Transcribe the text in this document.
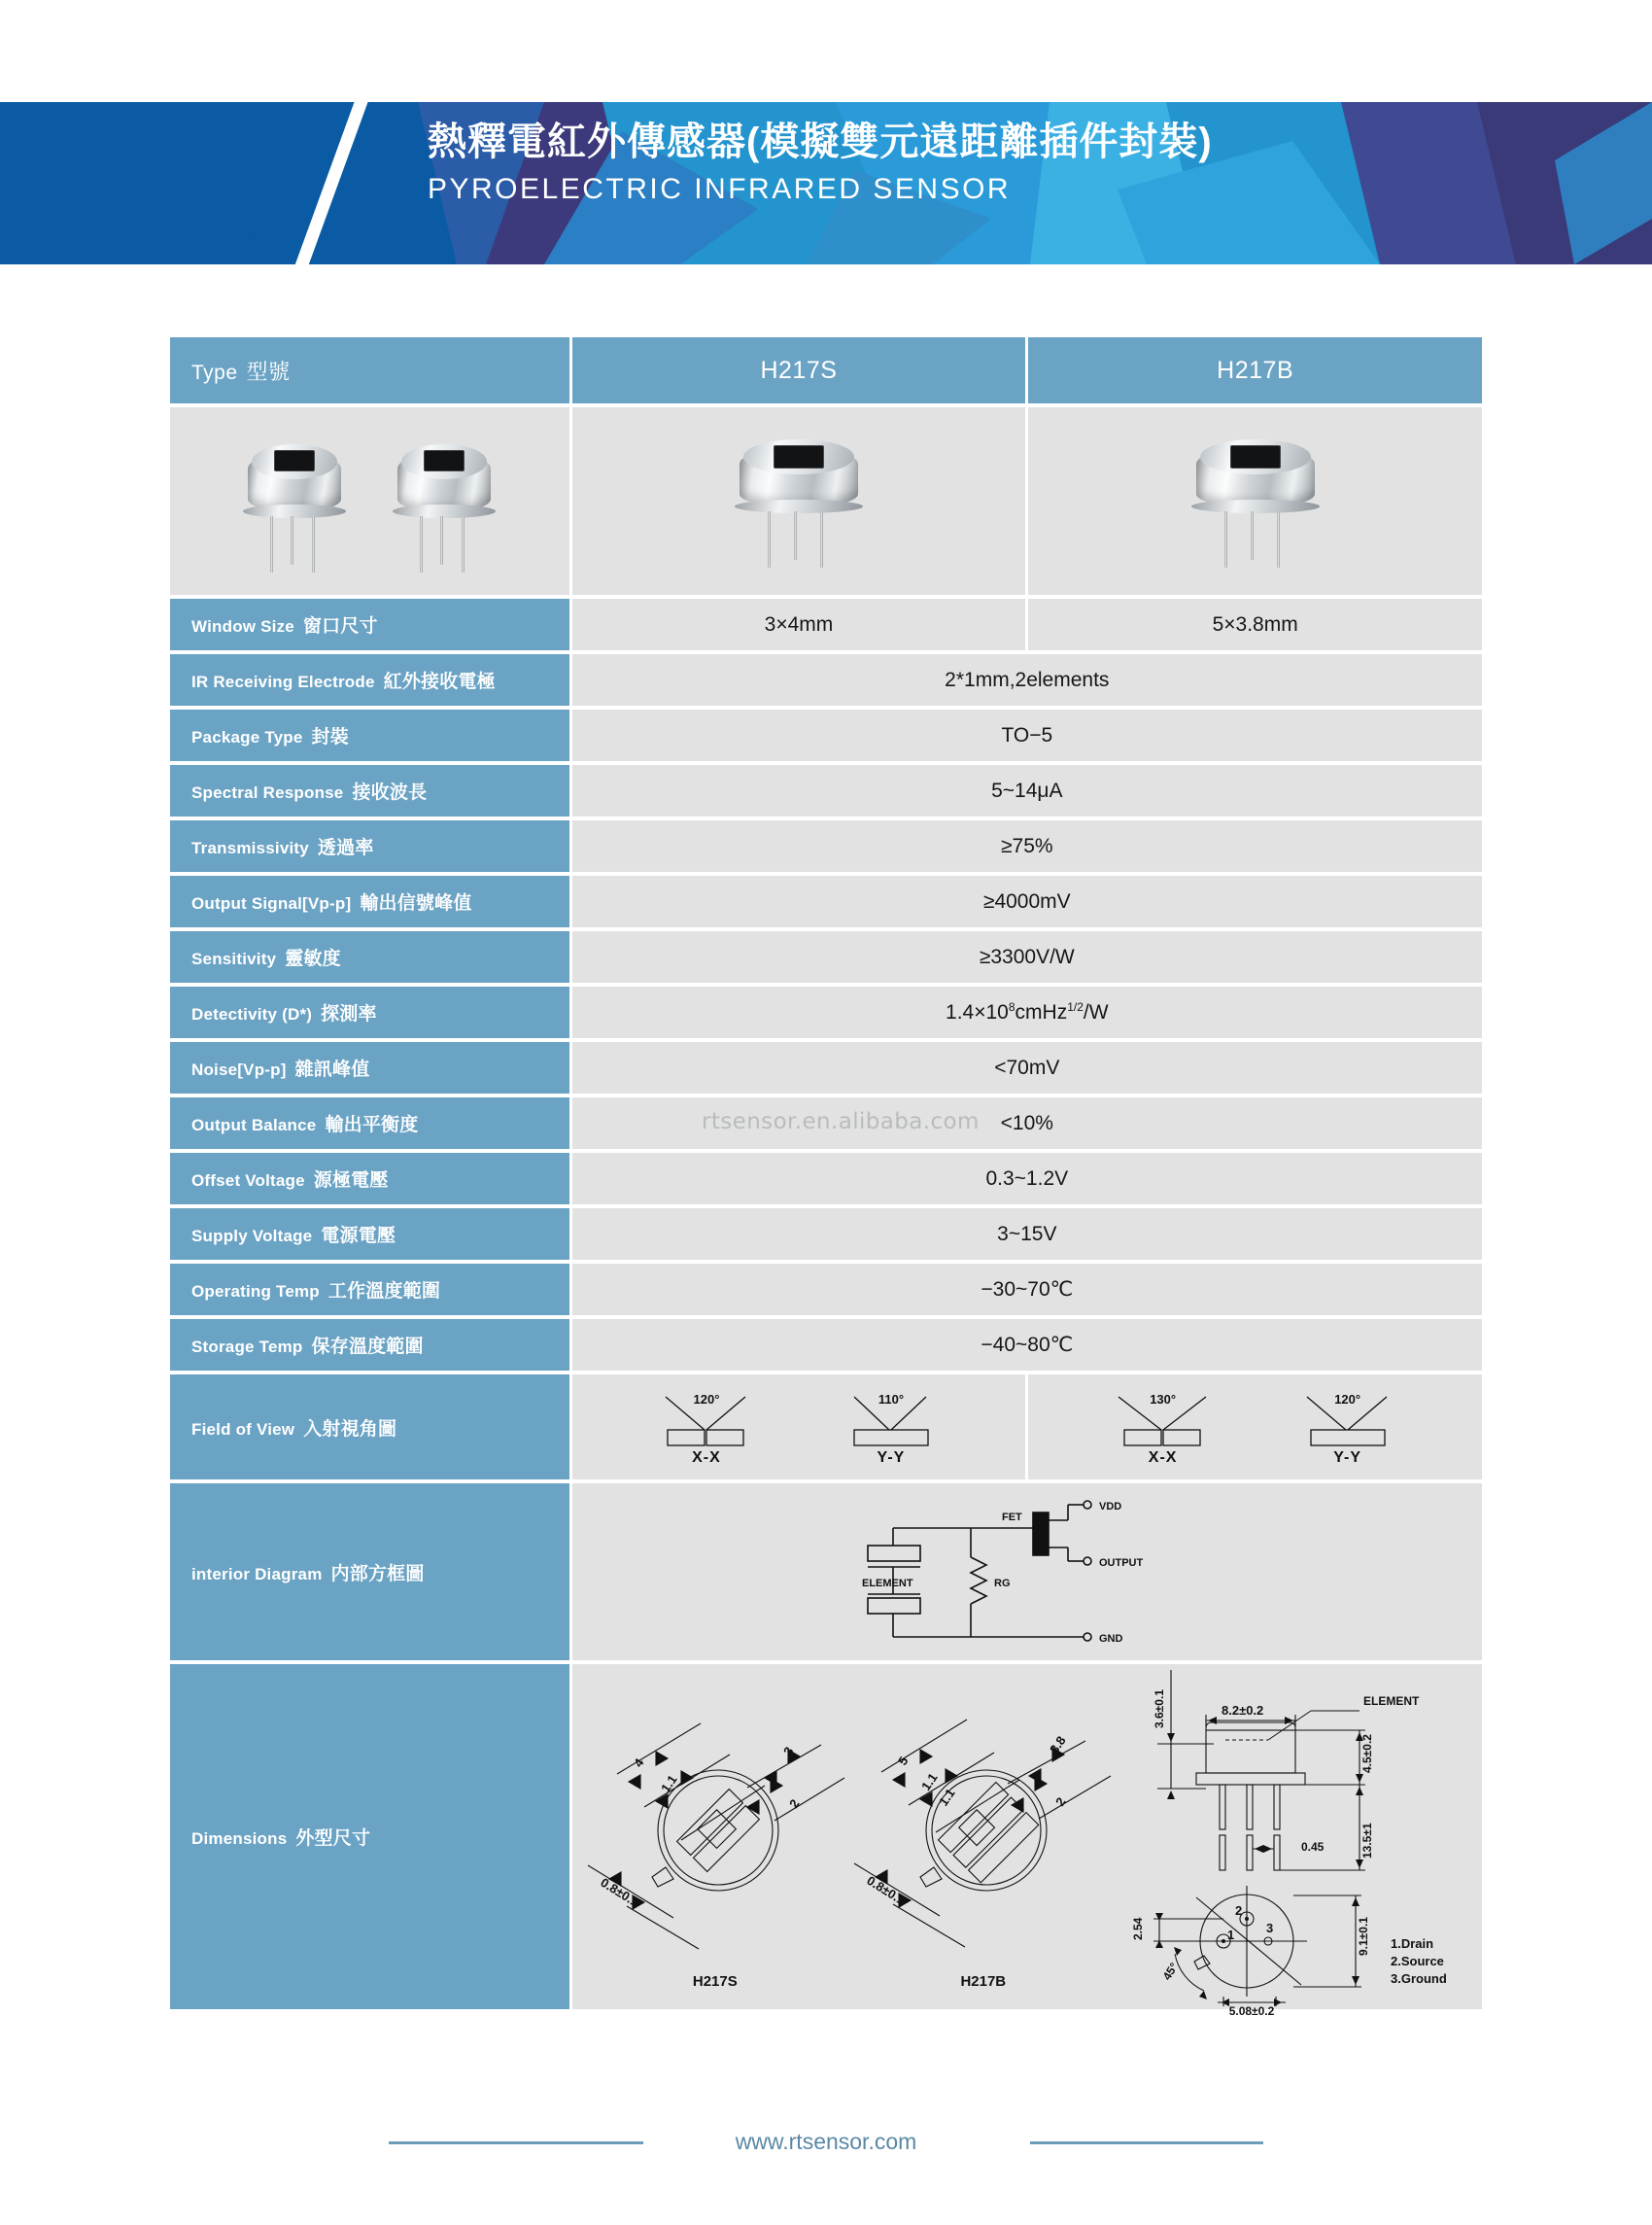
熱釋電紅外傳感器(模擬雙元遠距離插件封裝)
PYROELECTRIC INFRARED SENSOR
Type 型號	H217S	H217B

Window Size 窗口尺寸	3×4mm	5×3.8mm
IR Receiving Electrode 紅外接收電極	2*1mm,2elements	
Package Type 封裝	TO−5	
Spectral Response 接收波長	5~14μA	
Transmissivity 透過率	≥75%	
Output Signal[Vp-p] 輸出信號峰值	≥4000mV	
Sensitivity 靈敏度	≥3300V/W	
Detectivity (D*) 探測率	$1.4\times 10^8cmHz^{1/2}/W$	
Noise[Vp-p] 雜訊峰值	<70mV	
Output Balance 輸出平衡度	<10%	
Offset Voltage 源極電壓	0.3~1.2V	
Supply Voltage 電源電壓	3~15V	
Operating Temp 工作溫度範圍	−30~70℃	
Storage Temp 保存溫度範圍	−40~80℃	
Field of View 入射視角圖	
120°
X-X
110°
Y-Y

130°
X-X
120°
Y-Y

interior Diagram 内部方框圖	
VDD
OUTPUT
GND
FET
ELEMENT	RG

Dimensions 外型尺寸	
4
1.1
3
2
0.8±0.1
H217S
5
1.1
1.1
3.8
2
0.8±0.1
H217B
3.6±0.1	8.2±0.2
4.5±0.2
13.5±1
0.45
ELEMENT
2.54
45°
9.1±0.1
5.08±0.2
1
2
3
1.Drain
2.Source
3.Ground
rtsensor.en.alibaba.com
www.rtsensor.com
